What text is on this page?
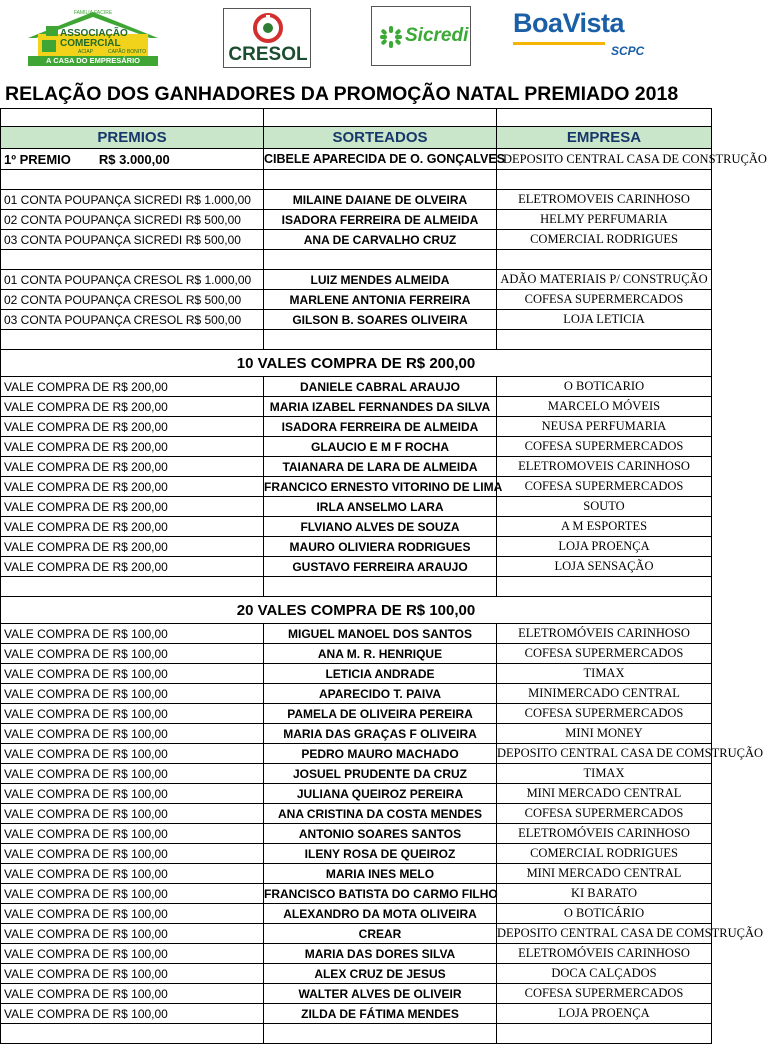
FAMILIA FACIRE
ASSOCIAÇÃO
COMERCIAL
ACIAP	CAPÃO BONITO
A CASA DO EMPRESÁRIO	CRESOL
Sicredi BoaVista
SCPC
RELAÇÃO DOS GANHADORES DA PROMOÇÃO NATAL PREMIADO 2018

PREMIOS	SORTEADOS	EMPRESA
1º PREMIO R$ 3.000,00	CIBELE APARECIDA DE O. GONÇALVES	DEPOSITO CENTRAL CASA DE CONSTRUÇÃO

01 CONTA POUPANÇA SICREDI R$ 1.000,00	MILAINE DAIANE DE OLVEIRA	ELETROMOVEIS CARINHOSO
02 CONTA POUPANÇA SICREDI R$ 500,00	ISADORA FERREIRA DE ALMEIDA	HELMY PERFUMARIA
03 CONTA POUPANÇA SICREDI R$ 500,00	ANA DE CARVALHO CRUZ	COMERCIAL RODRIGUES

01 CONTA POUPANÇA CRESOL R$ 1.000,00	LUIZ MENDES ALMEIDA	ADÃO MATERIAIS P/ CONSTRUÇÃO
02 CONTA POUPANÇA CRESOL R$ 500,00	MARLENE ANTONIA FERREIRA	COFESA SUPERMERCADOS
03 CONTA POUPANÇA CRESOL R$ 500,00	GILSON B. SOARES OLIVEIRA	LOJA LETICIA

10 VALES COMPRA DE R$ 200,00		
VALE COMPRA DE R$ 200,00	DANIELE CABRAL ARAUJO	O BOTICARIO
VALE COMPRA DE R$ 200,00	MARIA IZABEL FERNANDES DA SILVA	MARCELO MÓVEIS
VALE COMPRA DE R$ 200,00	ISADORA FERREIRA DE ALMEIDA	NEUSA PERFUMARIA
VALE COMPRA DE R$ 200,00	GLAUCIO E M F ROCHA	COFESA SUPERMERCADOS
VALE COMPRA DE R$ 200,00	TAIANARA DE LARA DE ALMEIDA	ELETROMOVEIS CARINHOSO
VALE COMPRA DE R$ 200,00	FRANCICO ERNESTO VITORINO DE LIMA	COFESA SUPERMERCADOS
VALE COMPRA DE R$ 200,00	IRLA ANSELMO LARA	SOUTO
VALE COMPRA DE R$ 200,00	FLVIANO ALVES DE SOUZA	A M ESPORTES
VALE COMPRA DE R$ 200,00	MAURO OLIVIERA RODRIGUES	LOJA PROENÇA
VALE COMPRA DE R$ 200,00	GUSTAVO FERREIRA ARAUJO	LOJA SENSAÇÃO

20 VALES COMPRA DE R$ 100,00		
VALE COMPRA DE R$ 100,00	MIGUEL MANOEL DOS SANTOS	ELETROMÓVEIS CARINHOSO
VALE COMPRA DE R$ 100,00	ANA M. R. HENRIQUE	COFESA SUPERMERCADOS
VALE COMPRA DE R$ 100,00	LETICIA ANDRADE	TIMAX
VALE COMPRA DE R$ 100,00	APARECIDO T. PAIVA	MINIMERCADO CENTRAL
VALE COMPRA DE R$ 100,00	PAMELA DE OLIVEIRA PEREIRA	COFESA SUPERMERCADOS
VALE COMPRA DE R$ 100,00	MARIA DAS GRAÇAS F OLIVEIRA	MINI MONEY
VALE COMPRA DE R$ 100,00	PEDRO MAURO MACHADO	DEPOSITO CENTRAL CASA DE COMSTRUÇÃO
VALE COMPRA DE R$ 100,00	JOSUEL PRUDENTE DA CRUZ	TIMAX
VALE COMPRA DE R$ 100,00	JULIANA QUEIROZ PEREIRA	MINI MERCADO CENTRAL
VALE COMPRA DE R$ 100,00	ANA CRISTINA DA COSTA MENDES	COFESA SUPERMERCADOS
VALE COMPRA DE R$ 100,00	ANTONIO SOARES SANTOS	ELETROMÓVEIS CARINHOSO
VALE COMPRA DE R$ 100,00	ILENY ROSA DE QUEIROZ	COMERCIAL RODRIGUES
VALE COMPRA DE R$ 100,00	MARIA INES MELO	MINI MERCADO CENTRAL
VALE COMPRA DE R$ 100,00	FRANCISCO BATISTA DO CARMO FILHO	KI BARATO
VALE COMPRA DE R$ 100,00	ALEXANDRO DA MOTA OLIVEIRA	O BOTICÁRIO
VALE COMPRA DE R$ 100,00	CREAR	DEPOSITO CENTRAL CASA DE COMSTRUÇÃO
VALE COMPRA DE R$ 100,00	MARIA DAS DORES SILVA	ELETROMÓVEIS CARINHOSO
VALE COMPRA DE R$ 100,00	ALEX CRUZ DE JESUS	DOCA CALÇADOS
VALE COMPRA DE R$ 100,00	WALTER ALVES DE OLIVEIR	COFESA SUPERMERCADOS
VALE COMPRA DE R$ 100,00	ZILDA DE FÁTIMA MENDES	LOJA PROENÇA
